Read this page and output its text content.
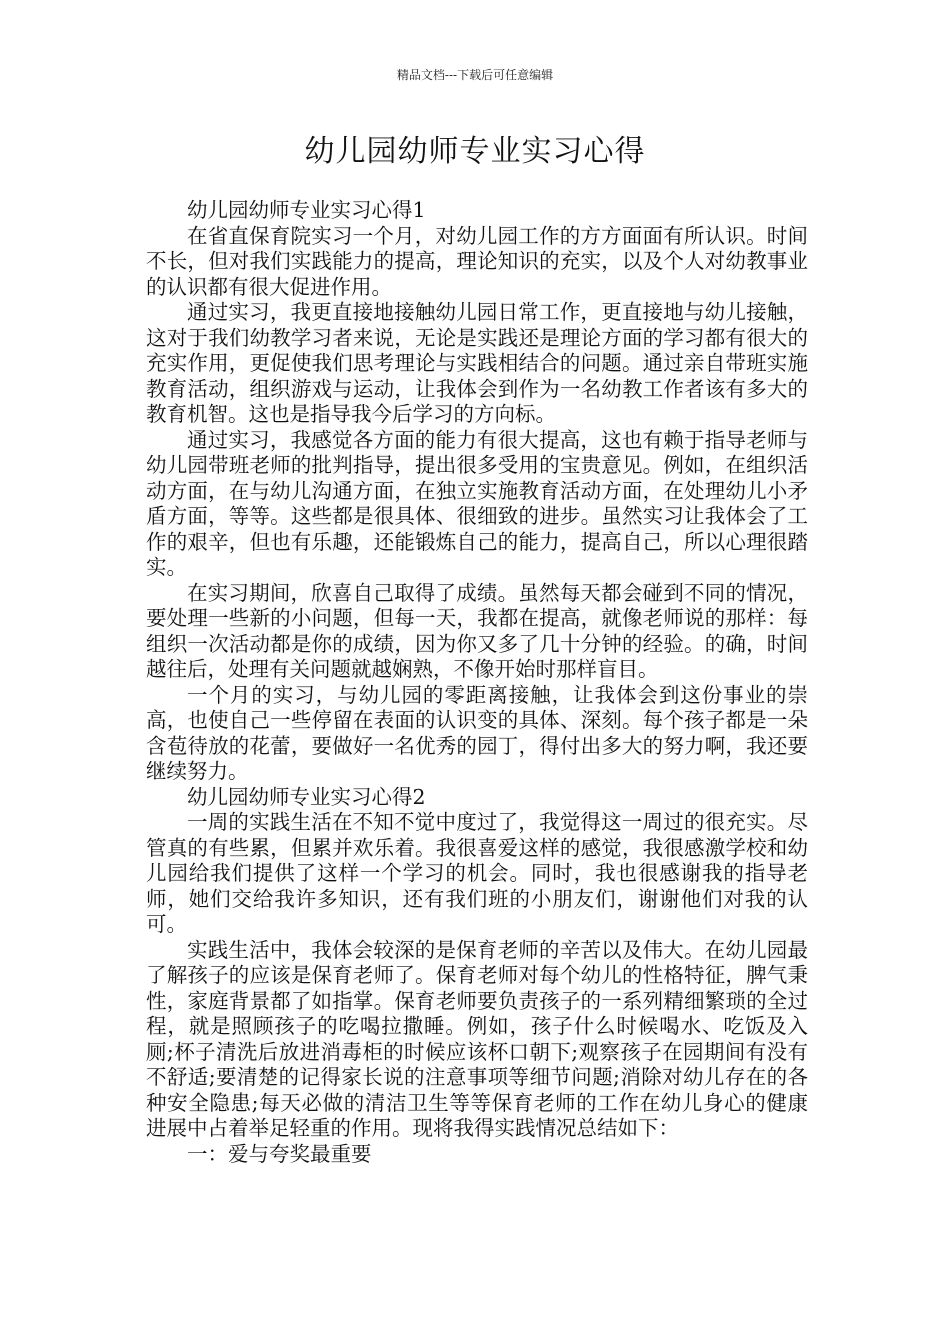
精品文档---下载后可任意编辑
幼儿园幼师专业实习心得

幼儿园幼师专业实习心得1

在省直保育院实习一个月，对幼儿园工作的方方面面有所认识。时间不长，但对我们实践能力的提高，理论知识的充实，以及个人对幼教事业的认识都有很大促进作用。

通过实习，我更直接地接触幼儿园日常工作，更直接地与幼儿接触，这对于我们幼教学习者来说，无论是实践还是理论方面的学习都有很大的充实作用，更促使我们思考理论与实践相结合的问题。通过亲自带班实施教育活动，组织游戏与运动，让我体会到作为一名幼教工作者该有多大的教育机智。这也是指导我今后学习的方向标。

通过实习，我感觉各方面的能力有很大提高，这也有赖于指导老师与幼儿园带班老师的批判指导，提出很多受用的宝贵意见。例如，在组织活动方面，在与幼儿沟通方面，在独立实施教育活动方面，在处理幼儿小矛盾方面，等等。这些都是很具体、很细致的进步。虽然实习让我体会了工作的艰辛，但也有乐趣，还能锻炼自己的能力，提高自己，所以心理很踏实。

在实习期间，欣喜自己取得了成绩。虽然每天都会碰到不同的情况，要处理一些新的小问题，但每一天，我都在提高，就像老师说的那样：每组织一次活动都是你的成绩，因为你又多了几十分钟的经验。的确，时间越往后，处理有关问题就越娴熟，不像开始时那样盲目。

一个月的实习，与幼儿园的零距离接触，让我体会到这份事业的崇高，也使自己一些停留在表面的认识变的具体、深刻。每个孩子都是一朵含苞待放的花蕾，要做好一名优秀的园丁，得付出多大的努力啊，我还要继续努力。

幼儿园幼师专业实习心得2

一周的实践生活在不知不觉中度过了，我觉得这一周过的很充实。尽管真的有些累，但累并欢乐着。我很喜爱这样的感觉，我很感激学校和幼儿园给我们提供了这样一个学习的机会。同时，我也很感谢我的指导老师，她们交给我许多知识，还有我们班的小朋友们，谢谢他们对我的认可。

实践生活中，我体会较深的是保育老师的辛苦以及伟大。在幼儿园最了解孩子的应该是保育老师了。保育老师对每个幼儿的性格特征，脾气秉性，家庭背景都了如指掌。保育老师要负责孩子的一系列精细繁琐的全过程，就是照顾孩子的吃喝拉撒睡。例如，孩子什么时候喝水、吃饭及入厕;杯子清洗后放进消毒柜的时候应该杯口朝下;观察孩子在园期间有没有不舒适;要清楚的记得家长说的注意事项等细节问题;消除对幼儿存在的各种安全隐患;每天必做的清洁卫生等等保育老师的工作在幼儿身心的健康进展中占着举足轻重的作用。现将我得实践情况总结如下：

一：爱与夸奖最重要
